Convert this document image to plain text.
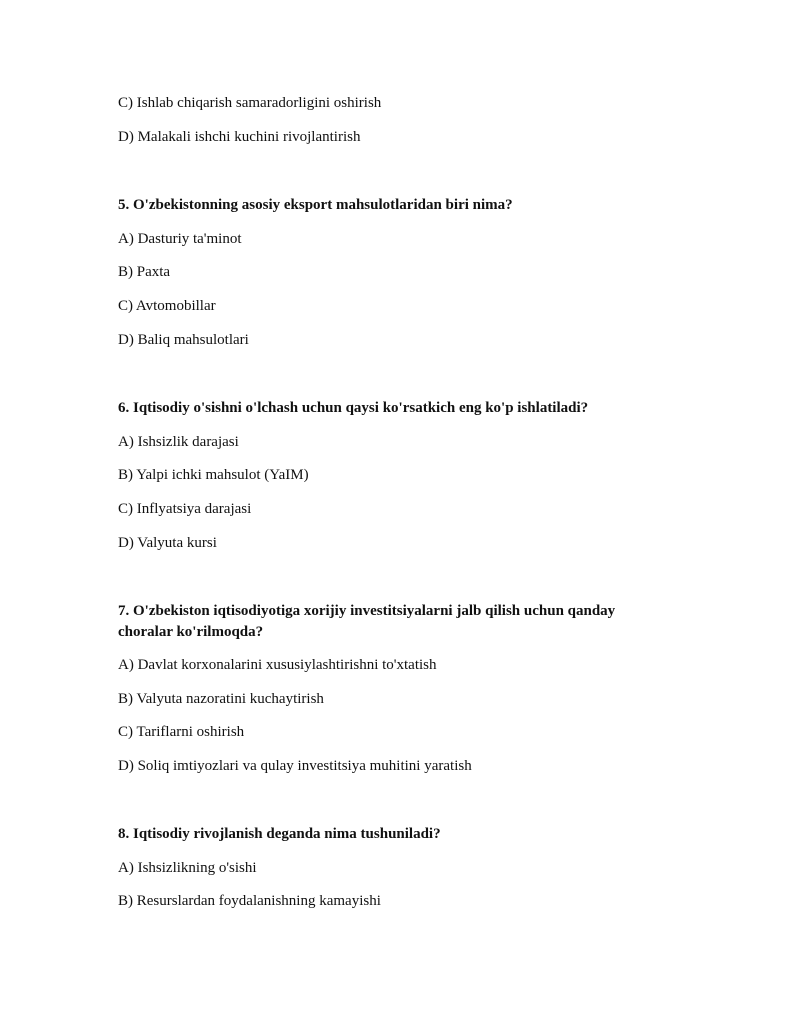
C) Ishlab chiqarish samaradorligini oshirish
D) Malakali ishchi kuchini rivojlantirish
5. O'zbekistonning asosiy eksport mahsulotlaridan biri nima?
A) Dasturiy ta'minot
B) Paxta
C) Avtomobillar
D) Baliq mahsulotlari
6. Iqtisodiy o'sishni o'lchash uchun qaysi ko'rsatkich eng ko'p ishlatiladi?
A) Ishsizlik darajasi
B) Yalpi ichki mahsulot (YaIM)
C) Inflyatsiya darajasi
D) Valyuta kursi
7. O'zbekiston iqtisodiyotiga xorijiy investitsiyalarni jalb qilish uchun qanday choralar ko'rilmoqda?
A) Davlat korxonalarini xususiylashtirishni to'xtatish
B) Valyuta nazoratini kuchaytirish
C) Tariflarni oshirish
D) Soliq imtiyozlari va qulay investitsiya muhitini yaratish
8. Iqtisodiy rivojlanish deganda nima tushuniladi?
A) Ishsizlikning o'sishi
B) Resurslardan foydalanishning kamayishi
